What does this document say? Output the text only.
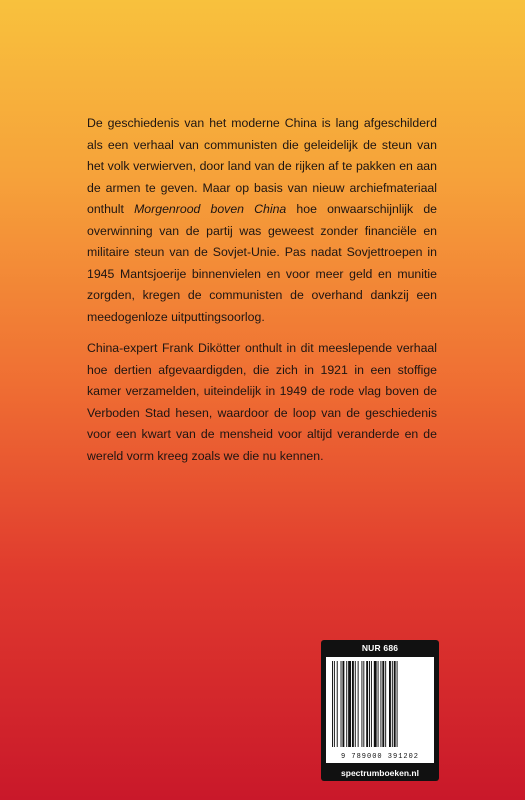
De geschiedenis van het moderne China is lang afgeschilderd als een verhaal van communisten die geleidelijk de steun van het volk verwierven, door land van de rijken af te pakken en aan de armen te geven. Maar op basis van nieuw archiefmateriaal onthult Morgenrood boven China hoe onwaarschijnlijk de overwinning van de partij was geweest zonder financiële en militaire steun van de Sovjet-Unie. Pas nadat Sovjettroepen in 1945 Mantsjoerije binnenvielen en voor meer geld en munitie zorgden, kregen de communisten de overhand dankzij een meedogenloze uitputtingsoorlog.

China-expert Frank Dikötter onthult in dit meeslepende verhaal hoe dertien afgevaardigden, die zich in 1921 in een stoffige kamer verzamelden, uiteindelijk in 1949 de rode vlag boven de Verboden Stad hesen, waardoor de loop van de geschiedenis voor een kwart van de mensheid voor altijd veranderde en de wereld vorm kreeg zoals we die nu kennen.

NUR 686
9 789000 391202
spectrumboeken.nl
